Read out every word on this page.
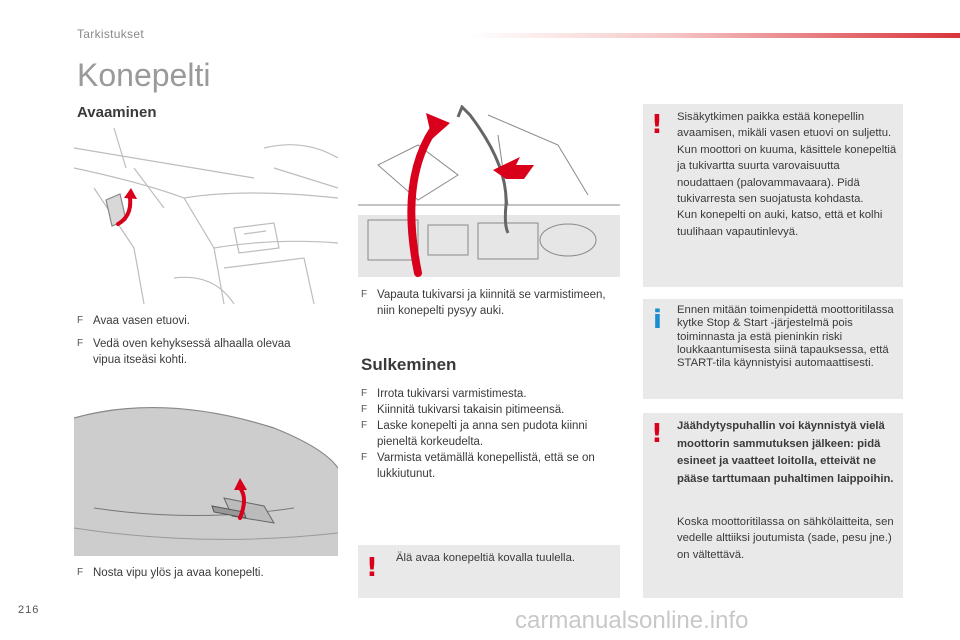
Tarkistukset
Konepelti
Avaaminen
F Avaa vasen etuovi.
F Vedä oven kehyksessä alhaalla olevaa vipua itseäsi kohti.
F Nosta vipu ylös ja avaa konepelti.
F Vapauta tukivarsi ja kiinnitä se varmistimeen, niin konepelti pysyy auki.
Sulkeminen
F Irrota tukivarsi varmistimesta.
F Kiinnitä tukivarsi takaisin pitimeensä.
F Laske konepelti ja anna sen pudota kiinni pieneltä korkeudelta.
F Varmista vetämällä konepellistä, että se on lukkiutunut.
! Älä avaa konepeltiä kovalla tuulella.
! Sisäkytkimen paikka estää konepellin avaamisen, mikäli vasen etuovi on suljettu.

Kun moottori on kuuma, käsittele konepeltiä ja tukivartta suurta varovaisuutta noudattaen (palovammavaara). Pidä tukivarresta sen suojatusta kohdasta.

Kun konepelti on auki, katso, että et kolhi tuulihaan vapautinlevyä.

i Ennen mitään toimenpidettä moottoritilassa kytke Stop & Start -järjestelmä pois toiminnasta ja estä pieninkin riski loukkaantumisesta siinä tapauksessa, että START-tila käynnistyisi automaattisesti.
! Jäähdytyspuhallin voi käynnistyä vielä moottorin sammutuksen jälkeen: pidä esineet ja vaatteet loitolla, etteivät ne pääse tarttumaan puhaltimen laippoihin.
Koska moottoritilassa on sähkölaitteita, sen vedelle alttiiksi joutumista (sade, pesu jne.) on vältettävä.
216	carmanualsonline.info
